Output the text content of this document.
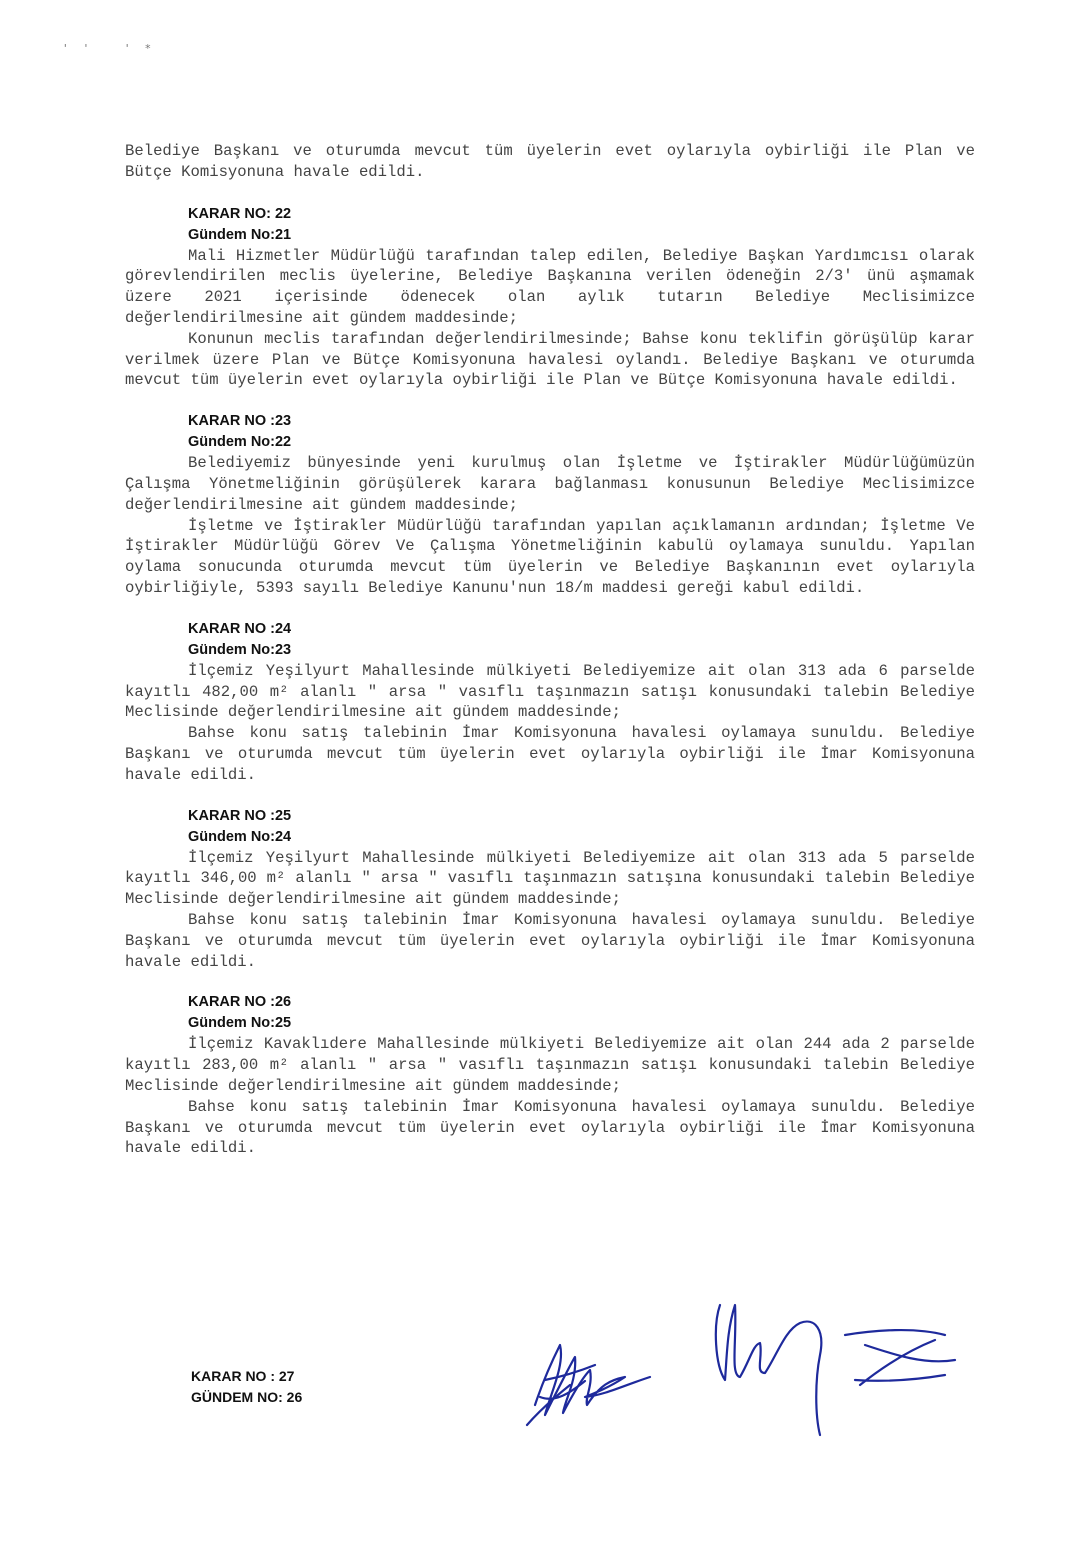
'' '*

Belediye Başkanı ve oturumda mevcut tüm üyelerin evet oylarıyla oybirliği ile Plan ve Bütçe Komisyonuna havale edildi.

KARAR NO: 22
Gündem No:21

Mali Hizmetler Müdürlüğü tarafından talep edilen, Belediye Başkan Yardımcısı olarak görevlendirilen meclis üyelerine, Belediye Başkanına verilen ödeneğin 2/3' ünü aşmamak üzere 2021 içerisinde ödenecek olan aylık tutarın Belediye Meclisimizce değerlendirilmesine ait gündem maddesinde;

Konunun meclis tarafından değerlendirilmesinde; Bahse konu teklifin görüşülüp karar verilmek üzere Plan ve Bütçe Komisyonuna havalesi oylandı. Belediye Başkanı ve oturumda mevcut tüm üyelerin evet oylarıyla oybirliği ile Plan ve Bütçe Komisyonuna havale edildi.

KARAR NO :23
Gündem No:22

Belediyemiz bünyesinde yeni kurulmuş olan İşletme ve İştirakler Müdürlüğümüzün Çalışma Yönetmeliğinin görüşülerek karara bağlanması konusunun Belediye Meclisimizce değerlendirilmesine ait gündem maddesinde;

İşletme ve İştirakler Müdürlüğü tarafından yapılan açıklamanın ardından; İşletme Ve İştirakler Müdürlüğü Görev Ve Çalışma Yönetmeliğinin kabulü oylamaya sunuldu. Yapılan oylama sonucunda oturumda mevcut tüm üyelerin ve Belediye Başkanının evet oylarıyla oybirliğiyle, 5393 sayılı Belediye Kanunu'nun 18/m maddesi gereği kabul edildi.

KARAR NO :24
Gündem No:23

İlçemiz Yeşilyurt Mahallesinde mülkiyeti Belediyemize ait olan 313 ada 6 parselde kayıtlı 482,00 m² alanlı " arsa " vasıflı taşınmazın satışı konusundaki talebin Belediye Meclisinde değerlendirilmesine ait gündem maddesinde;

Bahse konu satış talebinin İmar Komisyonuna havalesi oylamaya sunuldu. Belediye Başkanı ve oturumda mevcut tüm üyelerin evet oylarıyla oybirliği ile İmar Komisyonuna havale edildi.

KARAR NO :25
Gündem No:24

İlçemiz Yeşilyurt Mahallesinde mülkiyeti Belediyemize ait olan 313 ada 5 parselde kayıtlı 346,00 m² alanlı " arsa " vasıflı taşınmazın satışına konusundaki talebin Belediye Meclisinde değerlendirilmesine ait gündem maddesinde;

Bahse konu satış talebinin İmar Komisyonuna havalesi oylamaya sunuldu. Belediye Başkanı ve oturumda mevcut tüm üyelerin evet oylarıyla oybirliği ile İmar Komisyonuna havale edildi.

KARAR NO :26
Gündem No:25

İlçemiz Kavaklıdere Mahallesinde mülkiyeti Belediyemize ait olan 244 ada 2 parselde kayıtlı 283,00 m² alanlı " arsa " vasıflı taşınmazın satışı konusundaki talebin Belediye Meclisinde değerlendirilmesine ait gündem maddesinde;

Bahse konu satış talebinin İmar Komisyonuna havalesi oylamaya sunuldu. Belediye Başkanı ve oturumda mevcut tüm üyelerin evet oylarıyla oybirliği ile İmar Komisyonuna havale edildi.

KARAR NO : 27
GÜNDEM NO: 26
